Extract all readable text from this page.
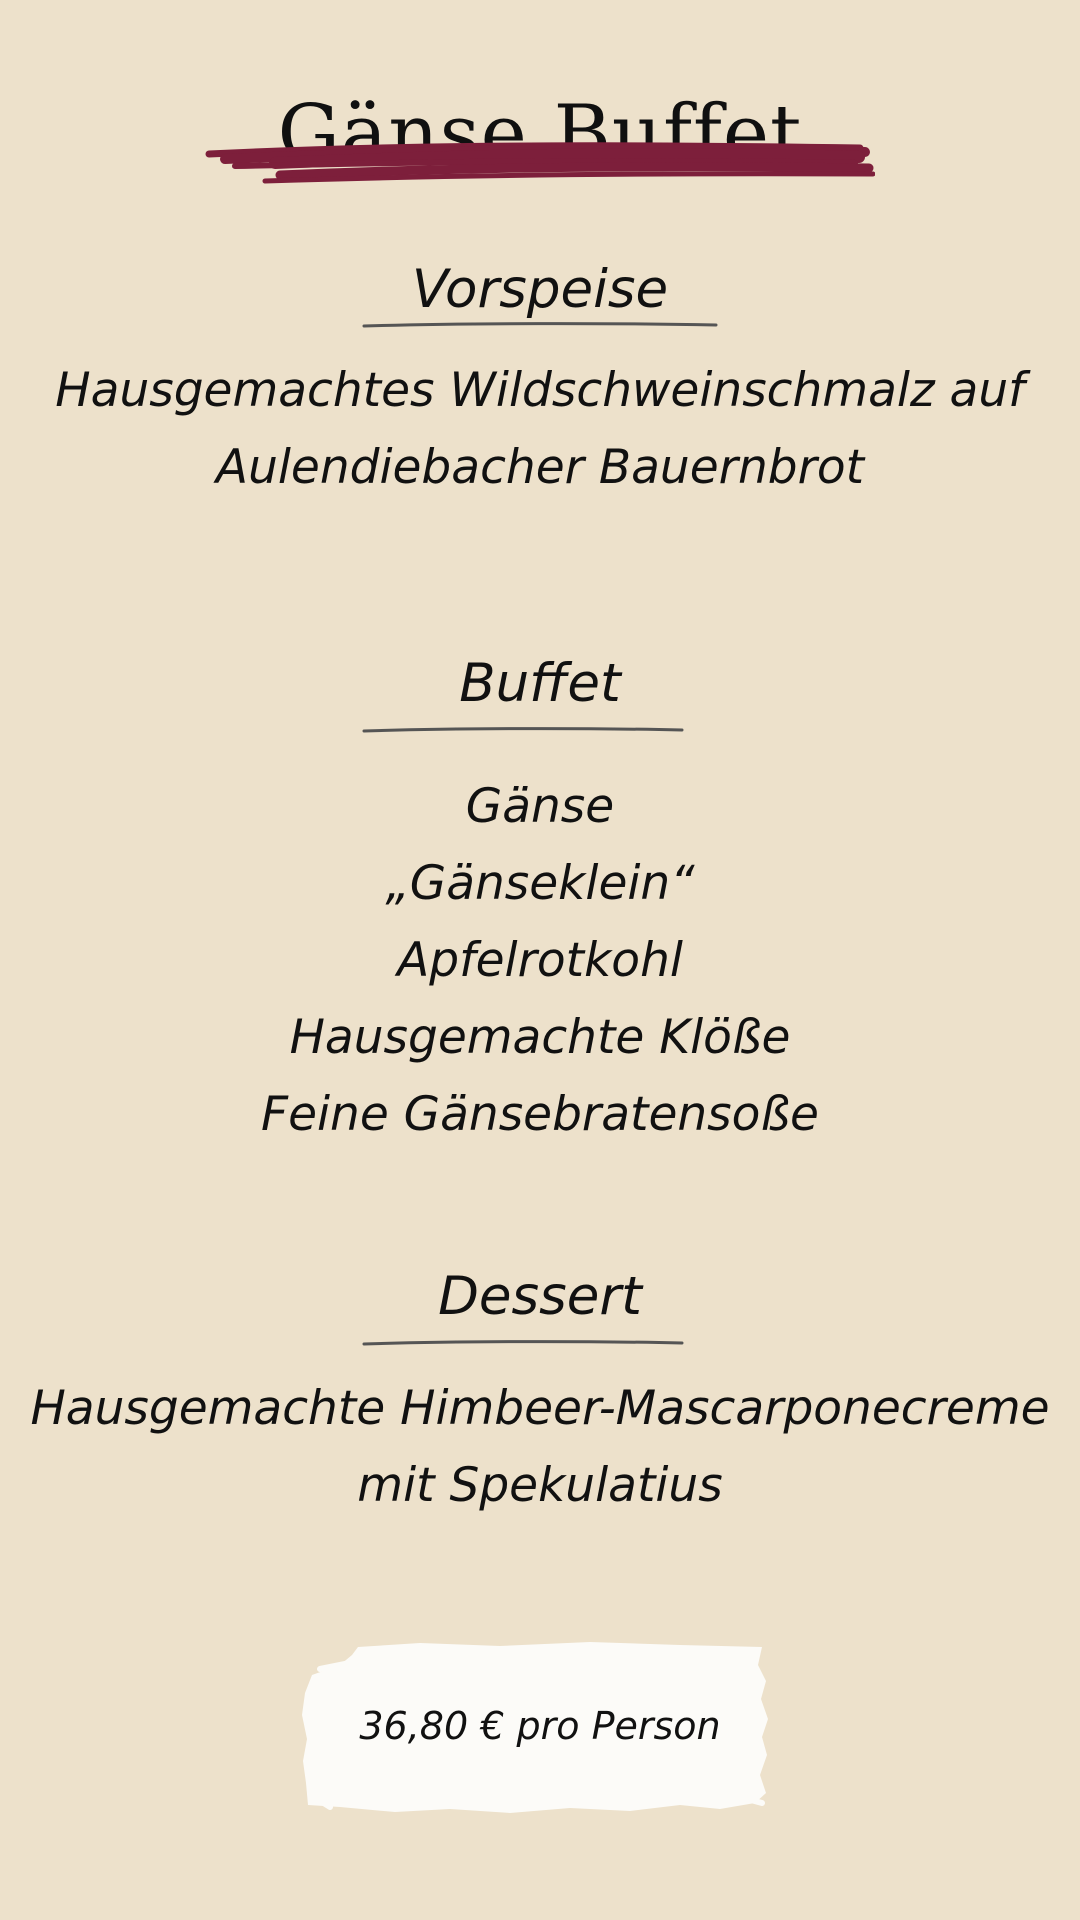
Gänse Buffet
Vorspeise
Hausgemachtes Wildschweinschmalz auf
Aulendiebacher Bauernbrot
Buffet
Gänse
„Gänseklein“
Apfelrotkohl
Hausgemachte Klöße
Feine Gänsebratensoße
Dessert
Hausgemachte Himbeer-Mascarponecreme
mit Spekulatius
36,80 € pro Person
